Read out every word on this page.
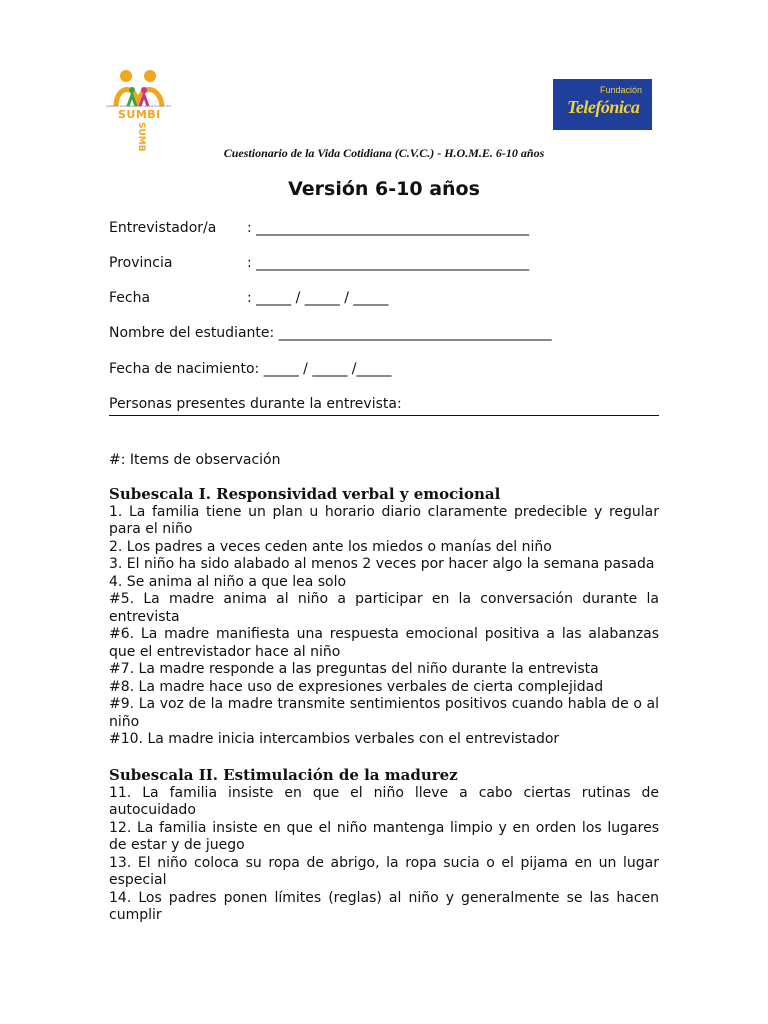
Systems Universal Multicultural Primary Ed.
SUMBI
SUMB
Fundación
Telefónica
Cuestionario de la Vida Cotidiana (C.V.C.) - H.O.M.E. 6-10 años
Versión 6-10 años
Entrevistador/a : _______________________________________
Provincia	: _______________________________________
Fecha	: _____ / _____ / _____
Nombre del estudiante: _______________________________________
Fecha de nacimiento: _____ / _____ /_____
Personas presentes durante la entrevista:

#: Items de observación

Subescala I. Responsividad verbal y emocional

1. La familia tiene un plan u horario diario claramente predecible y regular para el niño

2. Los padres a veces ceden ante los miedos o manías del niño

3. El niño ha sido alabado al menos 2 veces por hacer algo la semana pasada

4. Se anima al niño a que lea solo

#5. La madre anima al niño a participar en la conversación durante la entrevista

#6. La madre manifiesta una respuesta emocional positiva a las alabanzas que el entrevistador hace al niño

#7. La madre responde a las preguntas del niño durante la entrevista

#8. La madre hace uso de expresiones verbales de cierta complejidad

#9. La voz de la madre transmite sentimientos positivos cuando habla de o al niño

#10. La madre inicia intercambios verbales con el entrevistador

Subescala II. Estimulación de la madurez

11. La familia insiste en que el niño lleve a cabo ciertas rutinas de autocuidado

12. La familia insiste en que el niño mantenga limpio y en orden los lugares de estar y de juego

13. El niño coloca su ropa de abrigo, la ropa sucia o el pijama en un lugar especial

14. Los padres ponen límites (reglas) al niño y generalmente se las hacen cumplir
